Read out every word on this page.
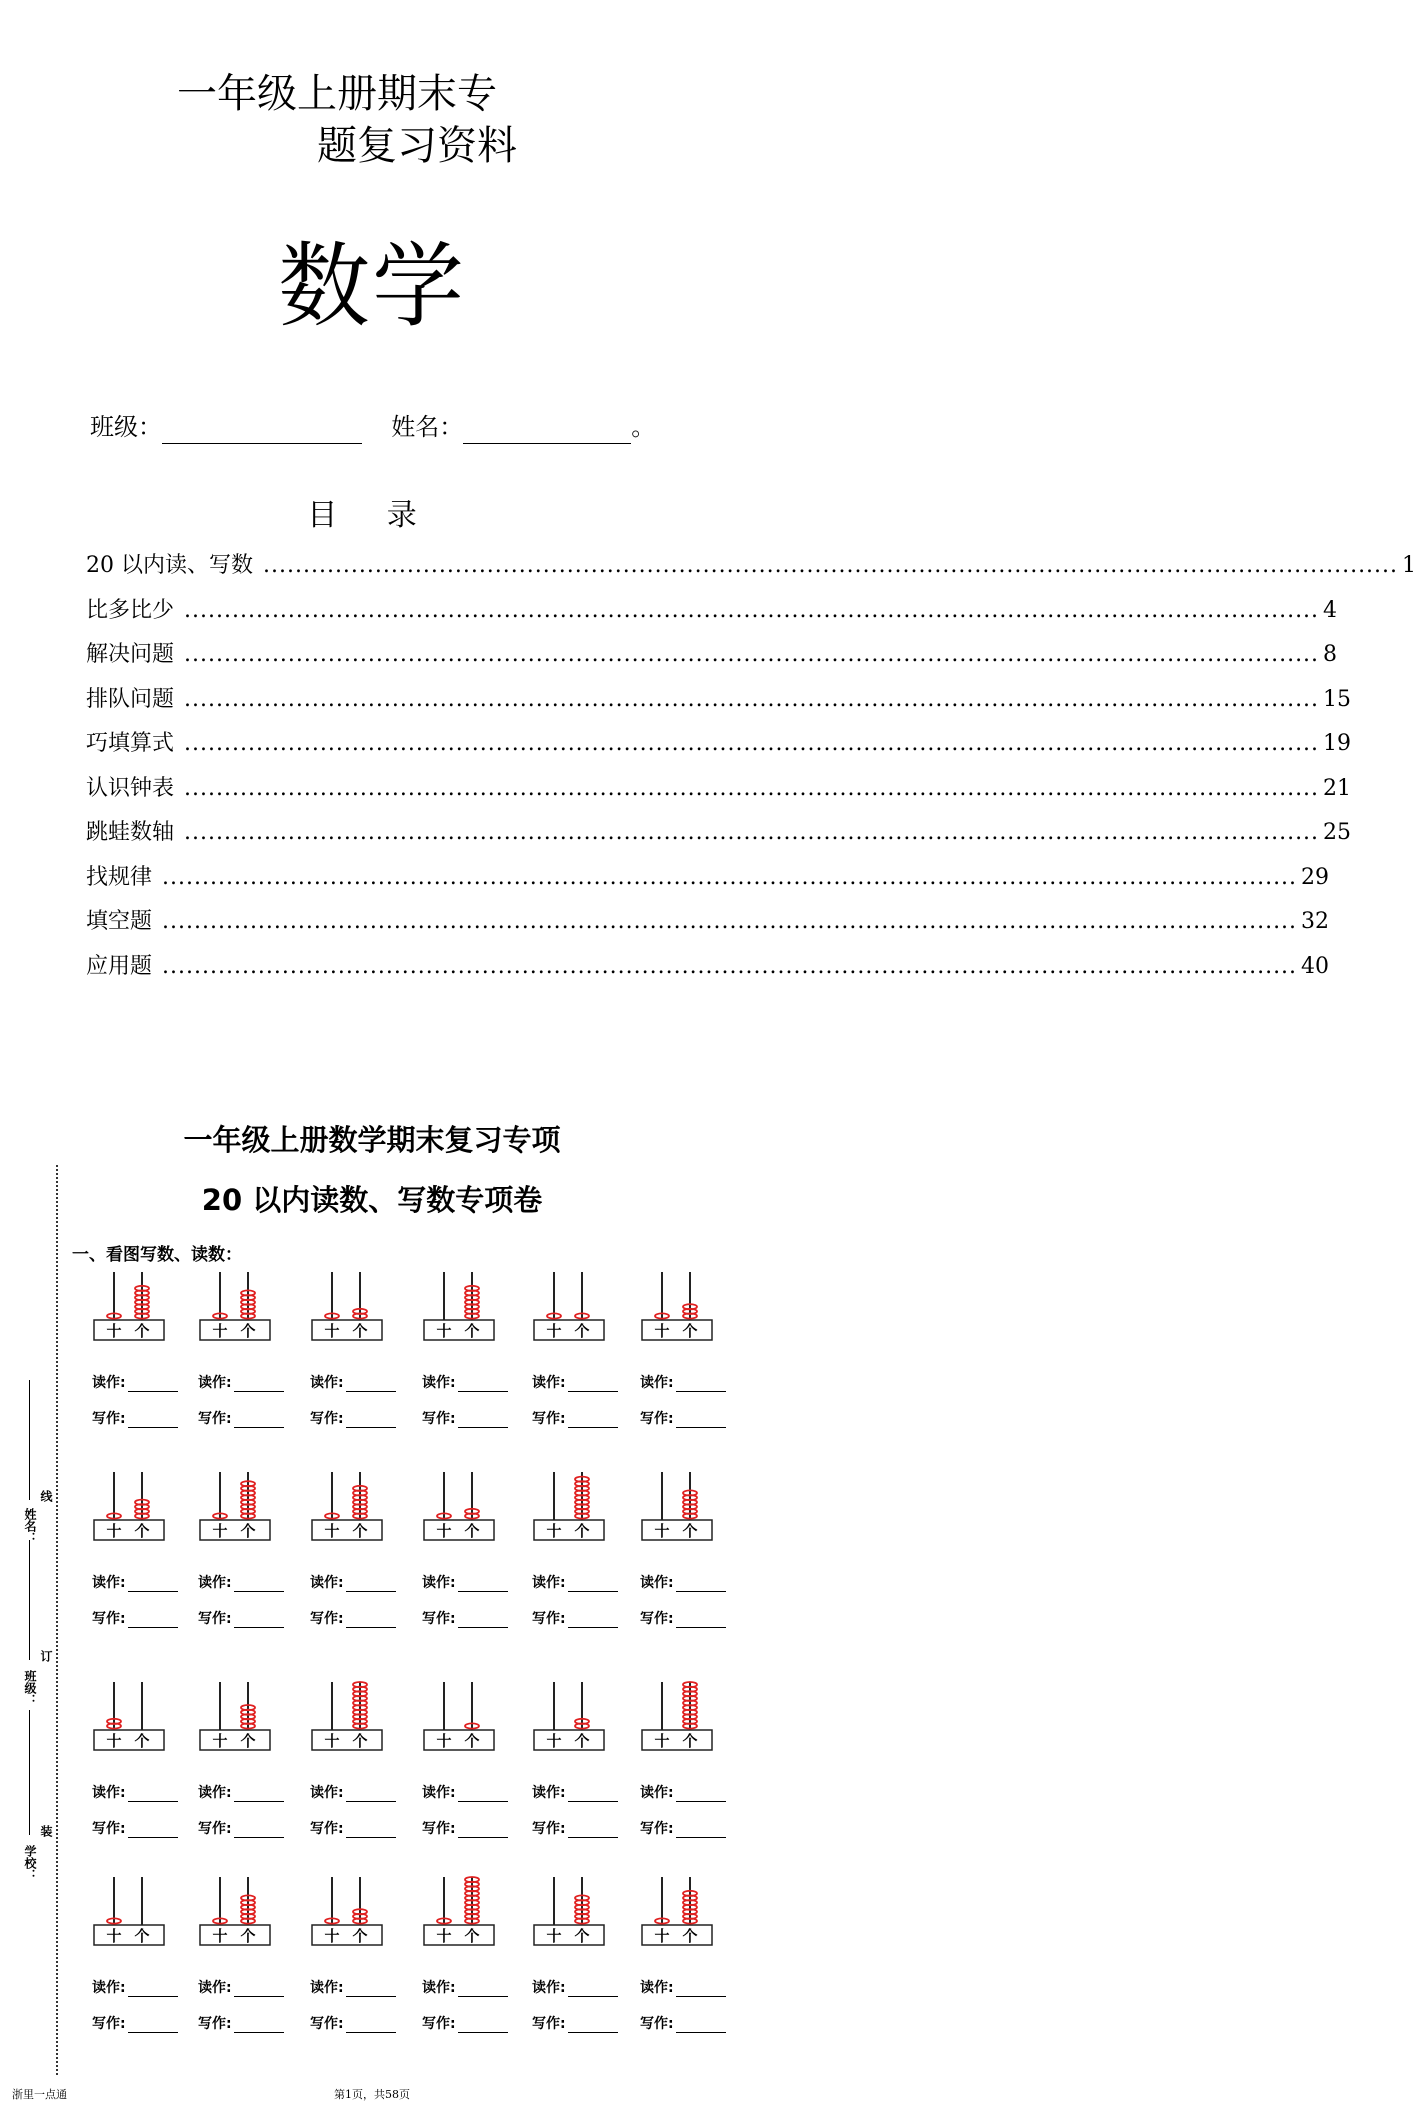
一年级上册期末专
题复习资料
数学
班级：	姓名：	。
目 录
20 以内读、写数 .............................................................................................................................................. 1
比多比少 .............................................................................................................................................. 4
解决问题 .............................................................................................................................................. 8
排队问题 .............................................................................................................................................. 15
巧填算式 .............................................................................................................................................. 19
认识钟表 .............................................................................................................................................. 21
跳蛙数轴 .............................................................................................................................................. 25
找规律 .............................................................................................................................................. 29
填空题 .............................................................................................................................................. 32
应用题 .............................................................................................................................................. 40
一年级上册数学期末复习专项
20 以内读数、写数专项卷
一、看图写数、读数：
线
订
装
姓名：
班级：
学校：
十 个
读作:
写作:
十 个
读作:
写作:
十 个
读作:
写作:
十 个
读作:
写作:
十 个
读作:
写作:
十 个
读作:
写作:
十 个
读作:
写作:
十 个
读作:
写作:
十 个
读作:
写作:
十 个
读作:
写作:
十 个
读作:
写作:
十 个
读作:
写作:
十 个
读作:
写作:
十 个
读作:
写作:
十 个
读作:
写作:
十 个
读作:
写作:
十 个
读作:
写作:
十 个
读作:
写作:
十 个
读作:
写作:
十 个
读作:
写作:
十 个
读作:
写作:
十 个
读作:
写作:
十 个
读作:
写作:
十 个
读作:
写作:
浙里一点通	第1页，共58页
